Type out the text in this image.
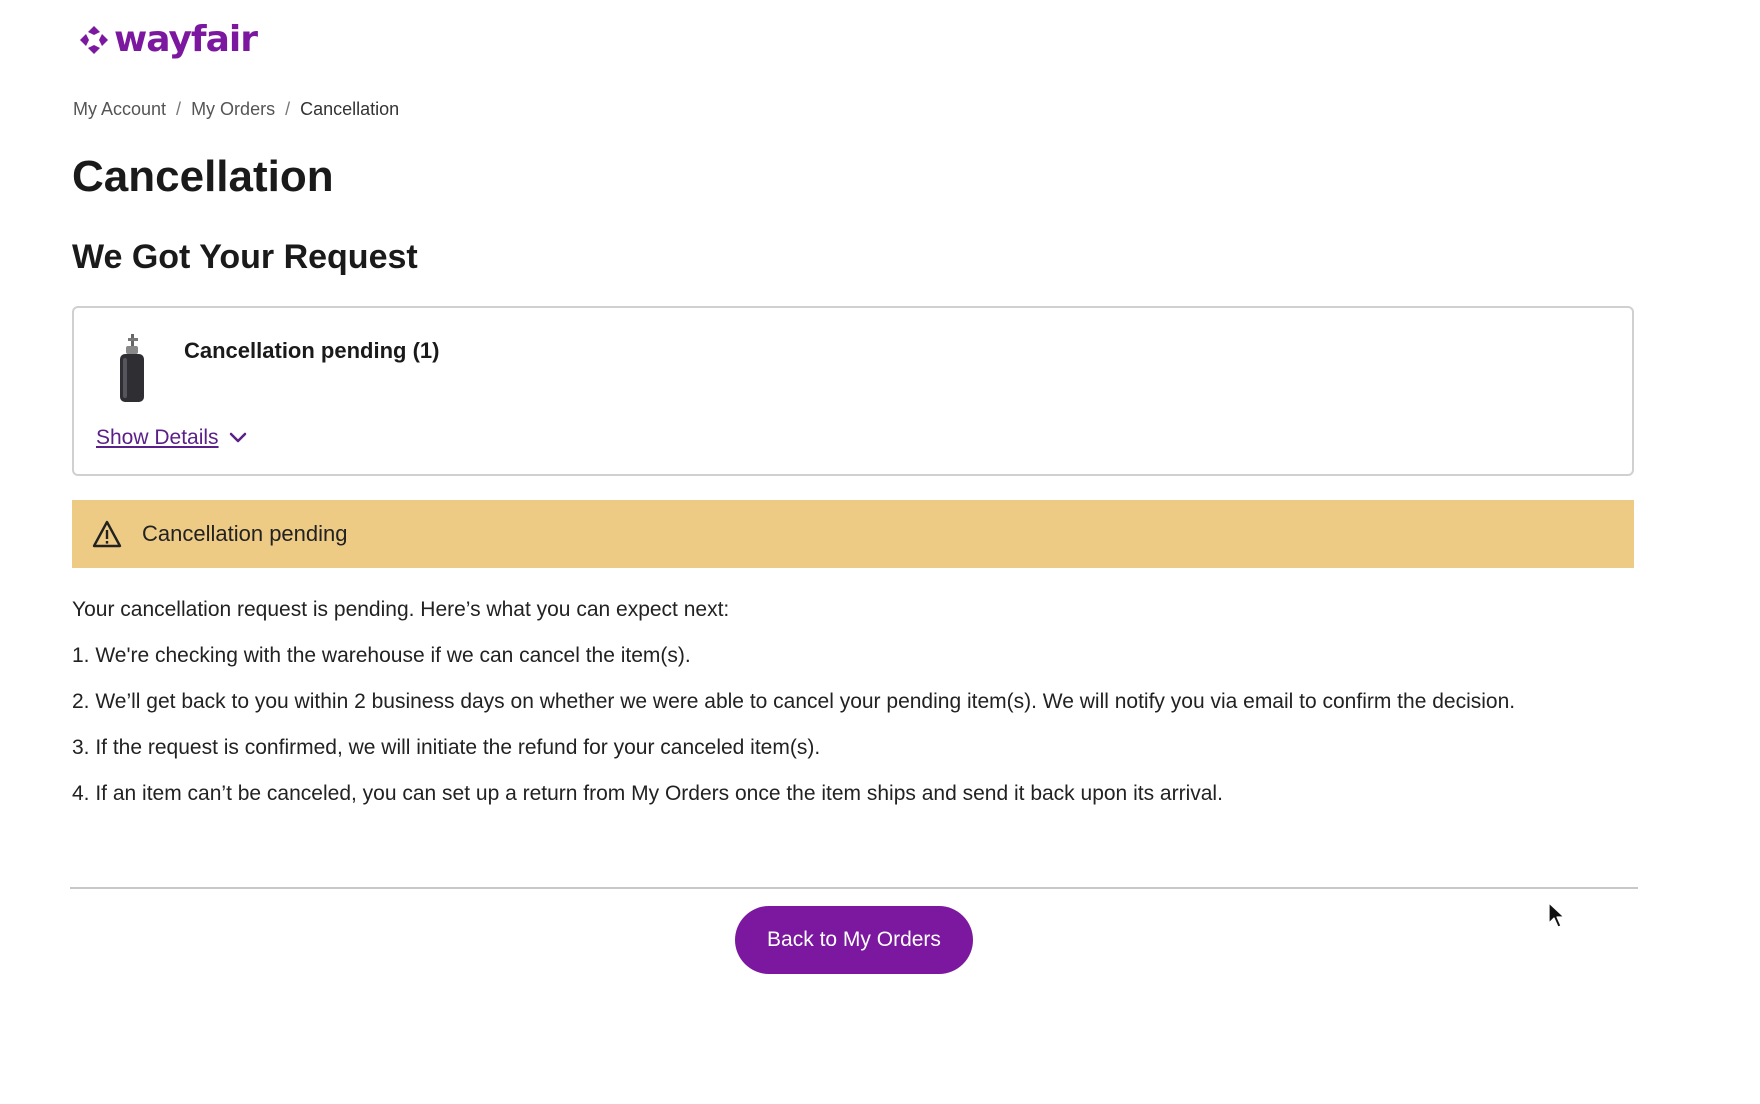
wayfair
My Account / My Orders / Cancellation
Cancellation
We Got Your Request
Cancellation pending (1)
Show Details
Cancellation pending

Your cancellation request is pending. Here’s what you can expect next:

1. We're checking with the warehouse if we can cancel the item(s).

2. We’ll get back to you within 2 business days on whether we were able to cancel your pending item(s). We will notify you via email to confirm the decision.

3. If the request is confirmed, we will initiate the refund for your canceled item(s).

4. If an item can’t be canceled, you can set up a return from My Orders once the item ships and send it back upon its arrival.

Back to My Orders
